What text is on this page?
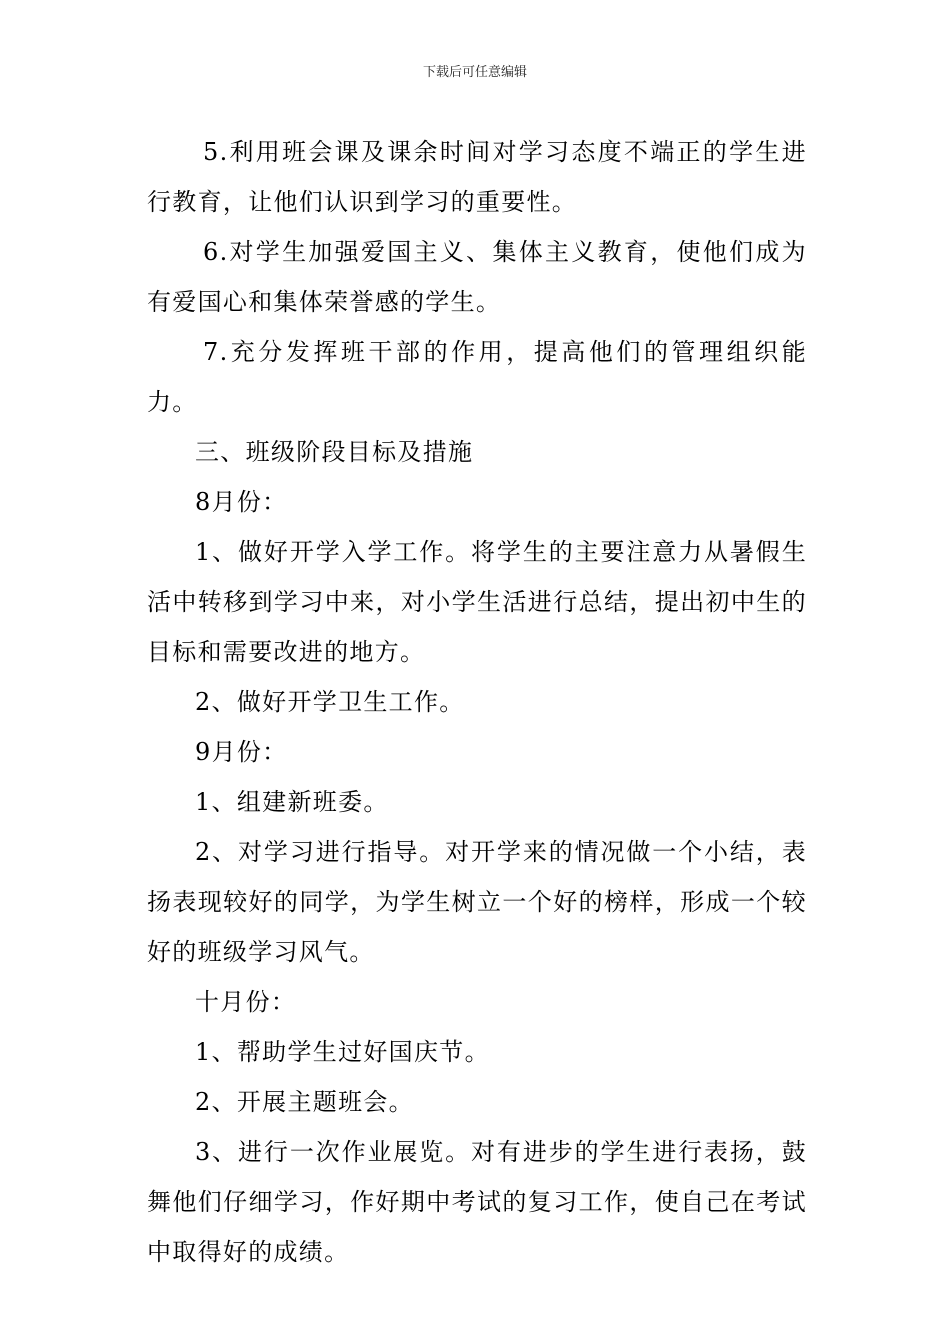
下载后可任意编辑

5.利用班会课及课余时间对学习态度不端正的学生进行教育，让他们认识到学习的重要性。

6.对学生加强爱国主义、集体主义教育，使他们成为有爱国心和集体荣誉感的学生。

7.充分发挥班干部的作用，提高他们的管理组织能力。

三、班级阶段目标及措施

8月份：

1、做好开学入学工作。将学生的主要注意力从暑假生活中转移到学习中来，对小学生活进行总结，提出初中生的目标和需要改进的地方。

2、做好开学卫生工作。

9月份：

1、组建新班委。

2、对学习进行指导。对开学来的情况做一个小结，表扬表现较好的同学，为学生树立一个好的榜样，形成一个较好的班级学习风气。

十月份：

1、帮助学生过好国庆节。

2、开展主题班会。

3、进行一次作业展览。对有进步的学生进行表扬，鼓舞他们仔细学习，作好期中考试的复习工作，使自己在考试中取得好的成绩。
